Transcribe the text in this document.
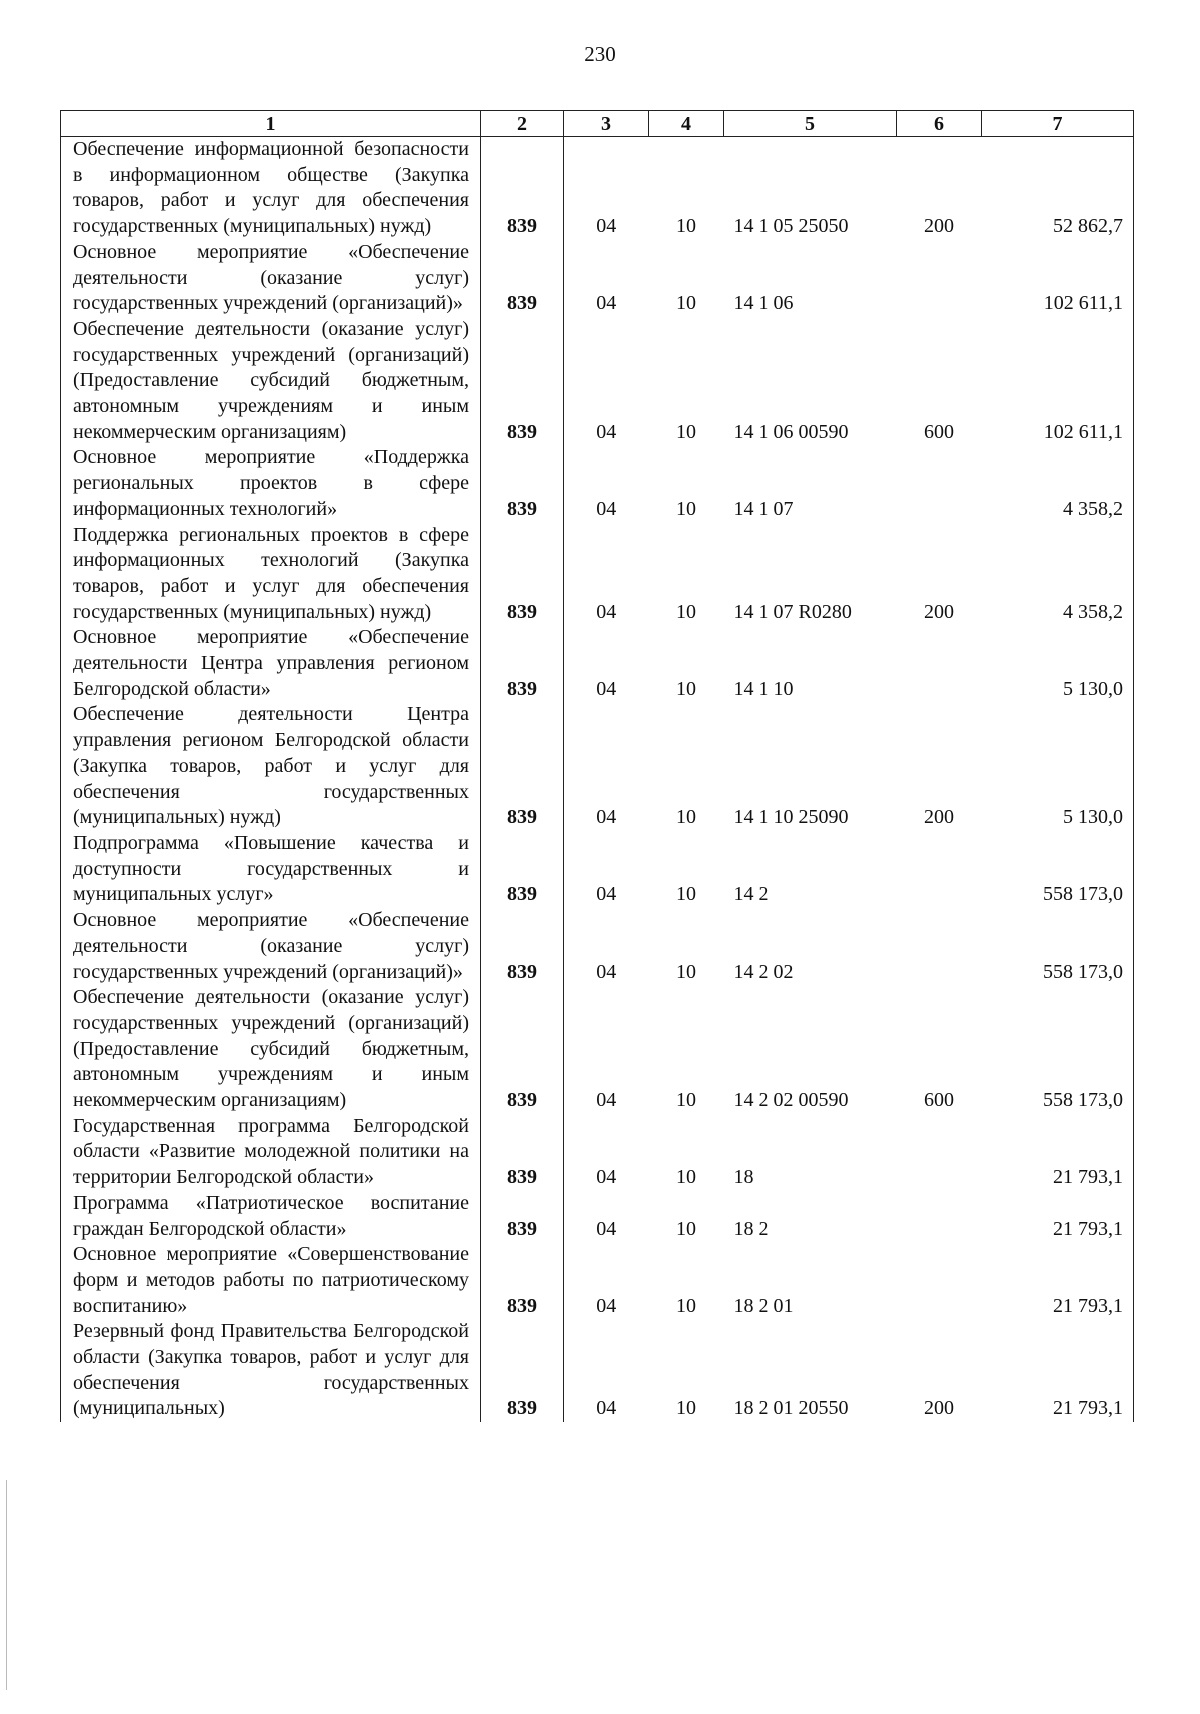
230
1	2	3	4	5	6	7
Обеспечение информационной безопасности в информационном обществе (Закупка товаров, работ и услуг для обеспечения государственных (муниципальных) нужд)	839	04	10	14 1 05 25050	200	52 862,7
Основное мероприятие «Обеспечение деятельности (оказание услуг) государственных учреждений (организаций)»	839	04	10	14 1 06		102 611,1
Обеспечение деятельности (оказание услуг) государственных учреждений (организаций) (Предоставление субсидий бюджетным, автономным учреждениям и иным некоммерческим организациям)	839	04	10	14 1 06 00590	600	102 611,1
Основное мероприятие «Поддержка региональных проектов в сфере информационных технологий»	839	04	10	14 1 07		4 358,2
Поддержка региональных проектов в сфере информационных технологий (Закупка товаров, работ и услуг для обеспечения государственных (муниципальных) нужд)	839	04	10	14 1 07 R0280	200	4 358,2
Основное мероприятие «Обеспечение деятельности Центра управления регионом Белгородской области»	839	04	10	14 1 10		5 130,0
Обеспечение деятельности Центра управления регионом Белгородской области (Закупка товаров, работ и услуг для обеспечения государственных (муниципальных) нужд)	839	04	10	14 1 10 25090	200	5 130,0
Подпрограмма «Повышение качества и доступности государственных и муниципальных услуг»	839	04	10	14 2		558 173,0
Основное мероприятие «Обеспечение деятельности (оказание услуг) государственных учреждений (организаций)»	839	04	10	14 2 02		558 173,0
Обеспечение деятельности (оказание услуг) государственных учреждений (организаций) (Предоставление субсидий бюджетным, автономным учреждениям и иным некоммерческим организациям)	839	04	10	14 2 02 00590	600	558 173,0
Государственная программа Белгородской области «Развитие молодежной политики на территории Белгородской области»	839	04	10	18		21 793,1
Программа «Патриотическое воспитание граждан Белгородской области»	839	04	10	18 2		21 793,1
Основное мероприятие «Совершенствование форм и методов работы по патриотическому воспитанию»	839	04	10	18 2 01		21 793,1
Резервный фонд Правительства Белгородской области (Закупка товаров, работ и услуг для обеспечения государственных (муниципальных)	839	04	10	18 2 01 20550	200	21 793,1
